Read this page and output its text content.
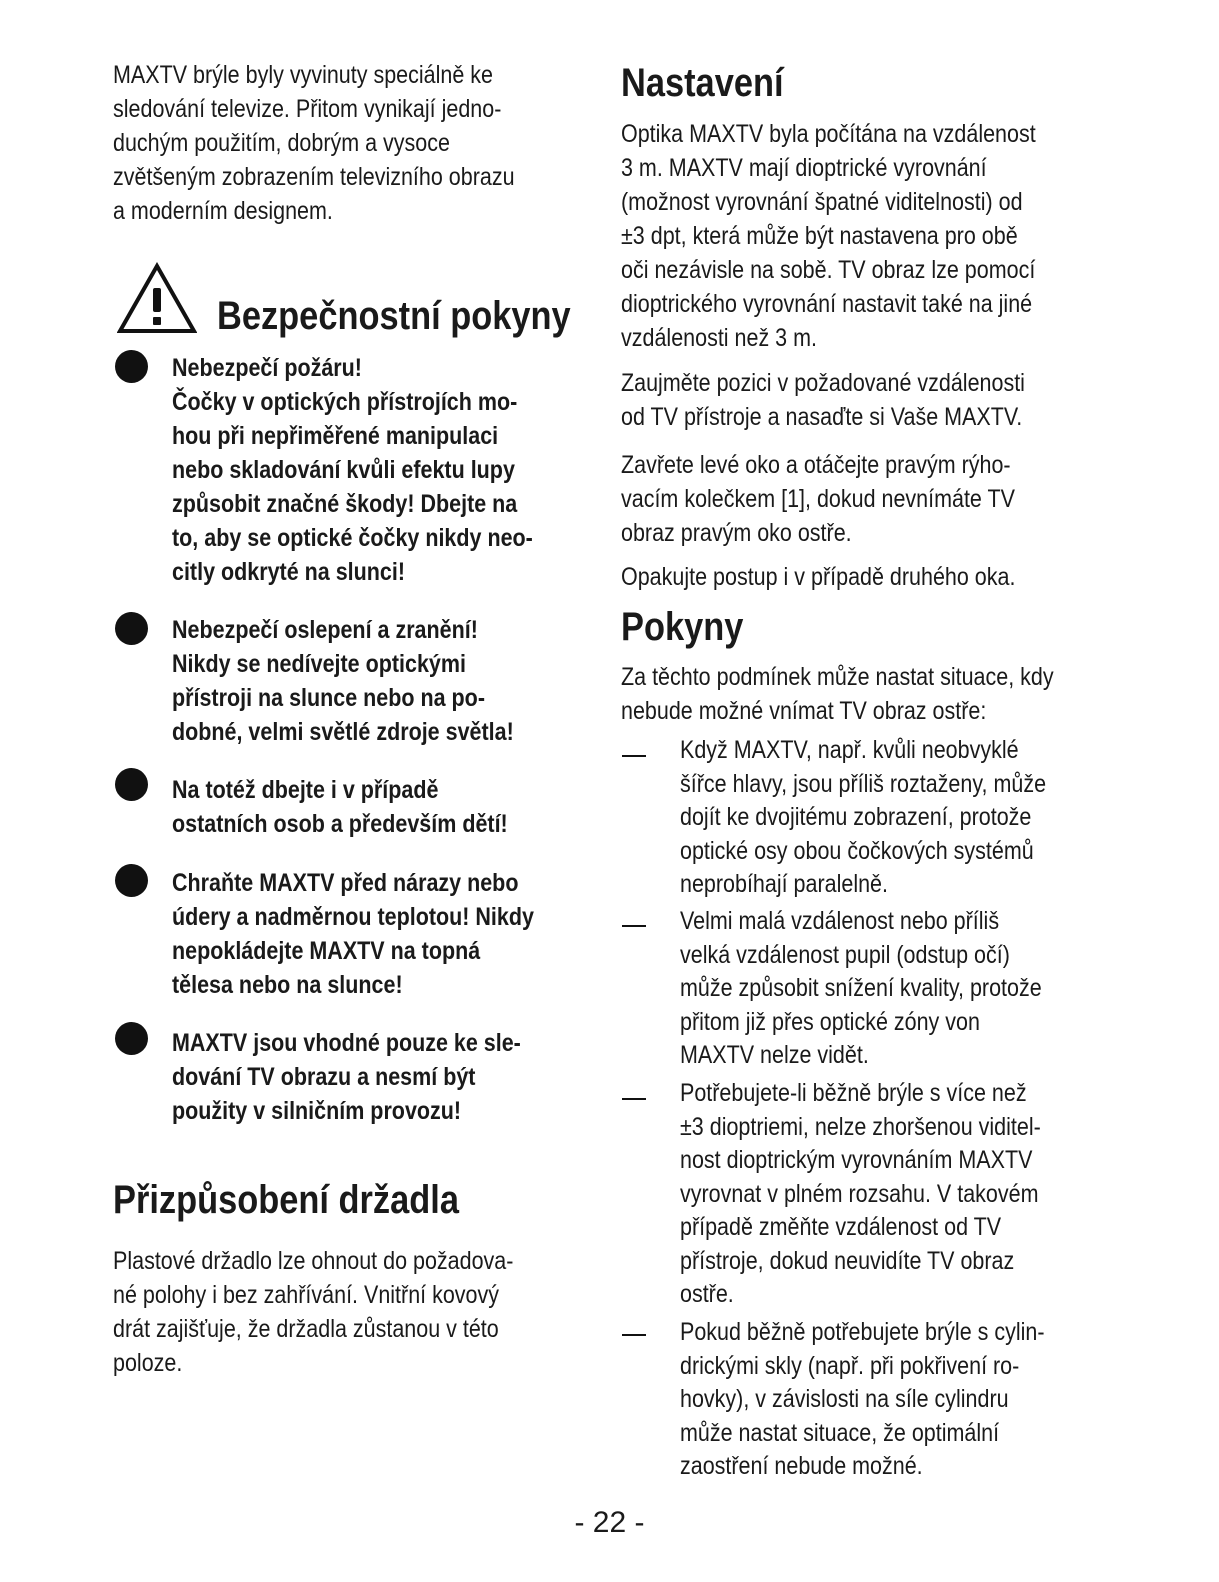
MAXTV brýle byly vyvinuty speciálně ke
sledování televize. Přitom vynikají jedno-
duchým použitím, dobrým a vysoce
zvětšeným zobrazením televizního obrazu
a moderním designem.
Bezpečnostní pokyny
Nebezpečí požáru!
Čočky v optických přístrojích mo-
hou při nepřiměřené manipulaci
nebo skladování kvůli efektu lupy
způsobit značné škody! Dbejte na
to, aby se optické čočky nikdy neo-
citly odkryté na slunci!
Nebezpečí oslepení a zranění!
Nikdy se nedívejte optickými
přístroji na slunce nebo na po-
dobné, velmi světlé zdroje světla!
Na totéž dbejte i v případě
ostatních osob a především dětí!
Chraňte MAXTV před nárazy nebo
údery a nadměrnou teplotou! Nikdy
nepokládejte MAXTV na topná
tělesa nebo na slunce!
MAXTV jsou vhodné pouze ke sle-
dování TV obrazu a nesmí být
použity v silničním provozu!
Přizpůsobení držadla
Plastové držadlo lze ohnout do požadova-
né polohy i bez zahřívání. Vnitřní kovový
drát zajišťuje, že držadla zůstanou v této
poloze.
Nastavení
Optika MAXTV byla počítána na vzdálenost
3 m. MAXTV mají dioptrické vyrovnání
(možnost vyrovnání špatné viditelnosti) od
±3 dpt, která může být nastavena pro obě
oči nezávisle na sobě. TV obraz lze pomocí
dioptrického vyrovnání nastavit také na jiné
vzdálenosti než 3 m.
Zaujměte pozici v požadované vzdálenosti
od TV přístroje a nasaďte si Vaše MAXTV.
Zavřete levé oko a otáčejte pravým rýho-
vacím kolečkem [1], dokud nevnímáte TV
obraz pravým oko ostře.
Opakujte postup i v případě druhého oka.
Pokyny
Za těchto podmínek může nastat situace, kdy
nebude možné vnímat TV obraz ostře:
Když MAXTV, např. kvůli neobvyklé
šířce hlavy, jsou příliš roztaženy, může
dojít ke dvojitému zobrazení, protože
optické osy obou čočkových systémů
neprobíhají paralelně.
Velmi malá vzdálenost nebo příliš
velká vzdálenost pupil (odstup očí)
může způsobit snížení kvality, protože
přitom již přes optické zóny von
MAXTV nelze vidět.
Potřebujete-li běžně brýle s více než
±3 dioptriemi, nelze zhoršenou viditel-
nost dioptrickým vyrovnáním MAXTV
vyrovnat v plném rozsahu. V takovém
případě změňte vzdálenost od TV
přístroje, dokud neuvidíte TV obraz
ostře.
Pokud běžně potřebujete brýle s cylin-
drickými skly (např. při pokřivení ro-
hovky), v závislosti na síle cylindru
může nastat situace, že optimální
zaostření nebude možné.
- 22 -
